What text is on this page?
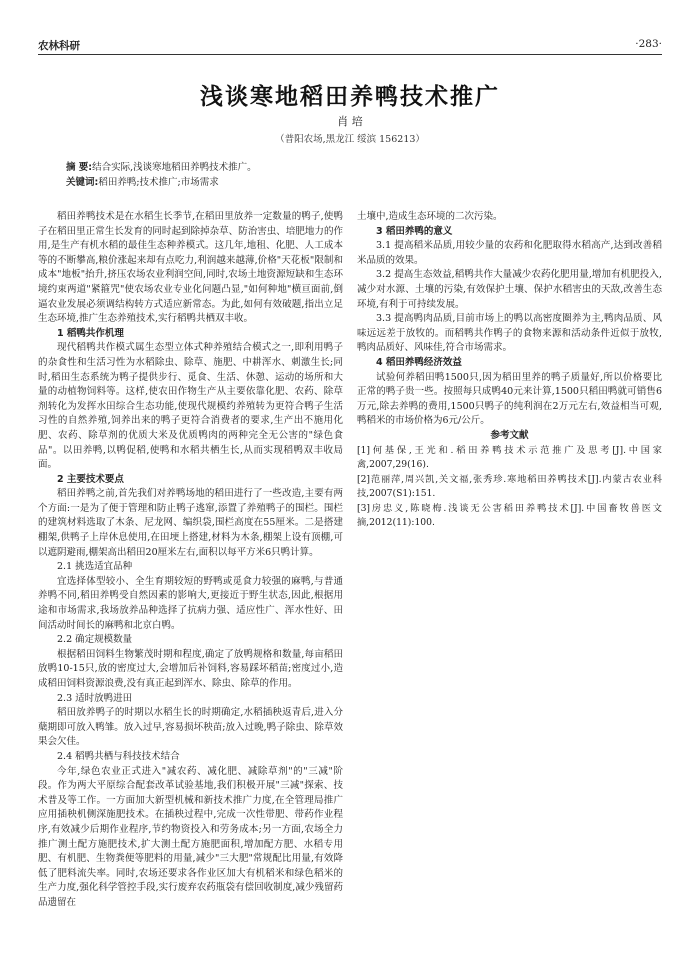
农林科研	·283·
浅谈寒地稻田养鸭技术推广
肖 培
（普阳农场,黑龙江 绥滨 156213）
摘 要:结合实际,浅谈寒地稻田养鸭技术推广。
关键词:稻田养鸭;技术推广;市场需求
稻田养鸭技术是在水稻生长季节,在稻田里放养一定数量的鸭子,使鸭子在稻田里正常生长发育的同时起到除掉杂草、防治害虫、培肥地力的作用,是生产有机水稻的最佳生态种养模式。这几年,地租、化肥、人工成本等的不断攀高,粮价涨起来却有点吃力,利润越来越薄,价格"天花板"限制和成本"地板"抬升,挤压农场农业利润空间,同时,农场土地资源短缺和生态环境约束两道"紧箍咒"使农场农业专业化问题凸显,"如何种地"横亘面前,倒逼农业发展必须调结构转方式适应新常态。为此,如何有效破题,指出立足生态环境,推广生态养殖技术,实行稻鸭共栖双丰收。
1 稻鸭共作机理
现代稻鸭共作模式属生态型立体式种养殖结合模式之一,即利用鸭子的杂食性和生活习性为水稻除虫、除草、施肥、中耕浑水、刺激生长;同时,稻田生态系统为鸭子提供步行、觅食、生活、休憩、运动的场所和大量的动植物饲料等。这样,使农田作物生产从主要依靠化肥、农药、除草剂转化为发挥水田综合生态功能,使现代规模约养殖转为更符合鸭子生活习性的自然养殖,饲养出来的鸭子更符合消费者的要求,生产出不施用化肥、农药、除草剂的优质大米及优质鸭肉的两种完全无公害的"绿色食品"。以田养鸭,以鸭促稻,使鸭和水稻共栖生长,从而实现稻鸭双丰收局面。
2 主要技术要点
稻田养鸭之前,首先我们对养鸭场地的稻田进行了一些改造,主要有两个方面:一是为了便于管理和防止鸭子逃窜,添置了养殖鸭子的围栏。围栏的建筑材料选取了木条、尼龙网、编织袋,围栏高度在55厘米。二是搭建棚架,供鸭子上岸休息使用,在田埂上搭建,材料为木条,棚架上设有顶棚,可以遮阴避雨,棚架高出稻田20厘米左右,面积以每平方米6只鸭计算。
2.1 挑选适宜品种
宜选择体型较小、全生育期较短的野鸭或觅食力较强的麻鸭,与普通养鸭不同,稻田养鸭受自然因素的影响大,更接近于野生状态,因此,根据用途和市场需求,我场放养品种选择了抗病力强、适应性广、浑水性好、田间活动时间长的麻鸭和北京白鸭。
2.2 确定规模数量
根据稻田饲料生物繁茂时期和程度,确定了放鸭规格和数量,每亩稻田放鸭10-15只,放的密度过大,会增加后补饲料,容易踩坏稻苗;密度过小,造成稻田饲料资源浪费,没有真正起到浑水、除虫、除草的作用。
2.3 适时放鸭进田
稻田放养鸭子的时期以水稻生长的时期确定,水稻插秧返青后,进入分蘖期即可放入鸭雏。放入过早,容易损坏秧苗;放入过晚,鸭子除虫、除草效果会欠佳。
2.4 稻鸭共栖与科技技术结合
今年,绿色农业正式进入"减农药、减化肥、减除草剂"的"三减"阶段。作为两大平原综合配套改革试验基地,我们积极开展"三减"探索、技术普及等工作。一方面加大新型机械和新技术推广力度,在全管理局推广应用插秧机侧深施肥技术。在插秧过程中,完成一次性带肥、带药作业程序,有效减少后期作业程序,节约物资投入和劳务成本;另一方面,农场全力推广测土配方施肥技术,扩大测土配方施肥面积,增加配方肥、水稻专用肥、有机肥、生物粪便等肥料的用量,减少"三大肥"常规配比用量,有效降低了肥料流失率。同时,农场还要求各作业区加大有机稻米和绿色稻米的生产力度,强化科学管控手段,实行废弃农药瓶袋有偿回收制度,减少残留药品遗留在
土壤中,造成生态环境的二次污染。
3 稻田养鸭的意义
3.1 提高稻米品质,用较少量的农药和化肥取得水稻高产,达到改善稻米品质的效果。
3.2 提高生态效益,稻鸭共作大量减少农药化肥用量,增加有机肥投入,减少对水源、土壤的污染,有效保护土壤、保护水稻害虫的天敌,改善生态环境,有利于可持续发展。
3.3 提高鸭肉品质,目前市场上的鸭以高密度圈养为主,鸭肉品质、风味远远差于放牧的。而稻鸭共作鸭子的食物来源和活动条件近似于放牧,鸭肉品质好、风味佳,符合市场需求。
4 稻田养鸭经济效益
试验何养稻田鸭1500只,因为稻田里养的鸭子质量好,所以价格要比正常的鸭子贵一些。按照每只成鸭40元来计算,1500只稻田鸭就可销售6万元,除去养鸭的费用,1500只鸭子的纯利润在2万元左右,效益相当可观,鸭稻米的市场价格为6元/公斤。
参考文献
[1]何基保,王光和.稻田养鸭技术示范推广及思考[J].中国家禽,2007,29(16).
[2]范丽萍,周兴凯,关文福,张秀珍.寒地稻田养鸭技术[J].内蒙古农业科技,2007(S1):151.
[3]房忠义,陈晓梅.浅谈无公害稻田养鸭技术[J].中国畜牧兽医文摘,2012(11):100.
